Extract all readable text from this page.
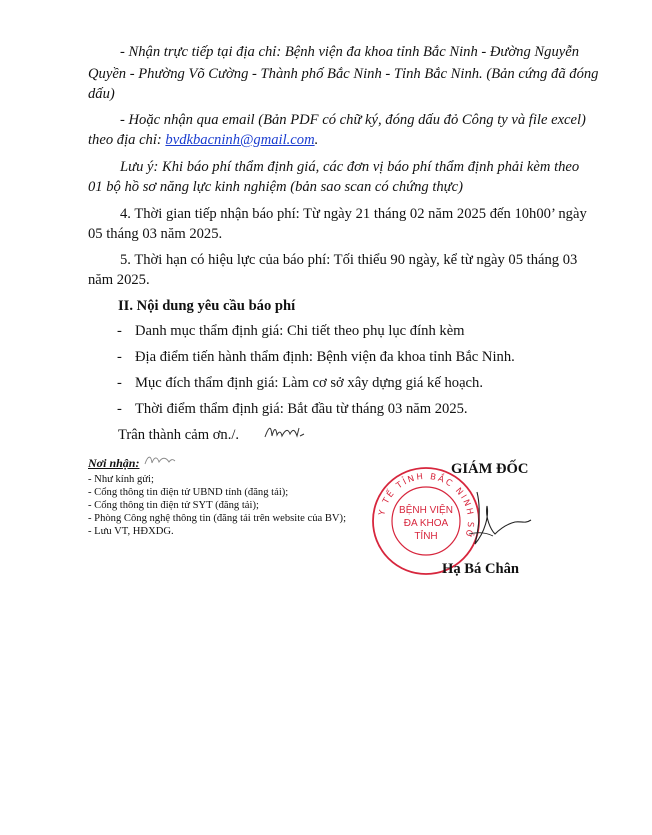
- Nhận trực tiếp tại địa chỉ: Bệnh viện đa khoa tỉnh Bắc Ninh - Đường Nguyễn

Quyền - Phường Võ Cường - Thành phố Bắc Ninh - Tỉnh Bắc Ninh. (Bản cứng đã đóng

dấu)

- Hoặc nhận qua email (Bản PDF có chữ ký, đóng dấu đỏ Công ty và file excel)

theo địa chỉ: bvdkbacninh@gmail.com.

Lưu ý: Khi báo phí thẩm định giá, các đơn vị báo phí thẩm định phải kèm theo

01 bộ hồ sơ năng lực kinh nghiệm (bản sao scan có chứng thực)

4. Thời gian tiếp nhận báo phí: Từ ngày 21 tháng 02 năm 2025 đến 10h00’ ngày

05 tháng 03 năm 2025.

5. Thời hạn có hiệu lực của báo phí: Tối thiểu 90 ngày, kể từ ngày 05 tháng 03

năm 2025.

II. Nội dung yêu cầu báo phí

- Danh mục thẩm định giá: Chi tiết theo phụ lục đính kèm

- Địa điểm tiến hành thẩm định: Bệnh viện đa khoa tỉnh Bắc Ninh.

- Mục đích thẩm định giá: Làm cơ sở xây dựng giá kế hoạch.

- Thời điểm thẩm định giá: Bắt đầu từ tháng 03 năm 2025.

Trân thành cảm ơn./.

Nơi nhận:
- Như kính gửi;
- Cổng thông tin điện tử UBND tỉnh (đăng tải);
- Cổng thông tin điện tử SYT (đăng tải);
- Phòng Công nghệ thông tin (đăng tải trên website của BV);
- Lưu VT, HĐXDG.
GIÁM ĐỐC
Y TẾ TỈNH BẮC NINH SỞ
BỆNH VIỆN
ĐA KHOA
TỈNH
Hạ Bá Chân
